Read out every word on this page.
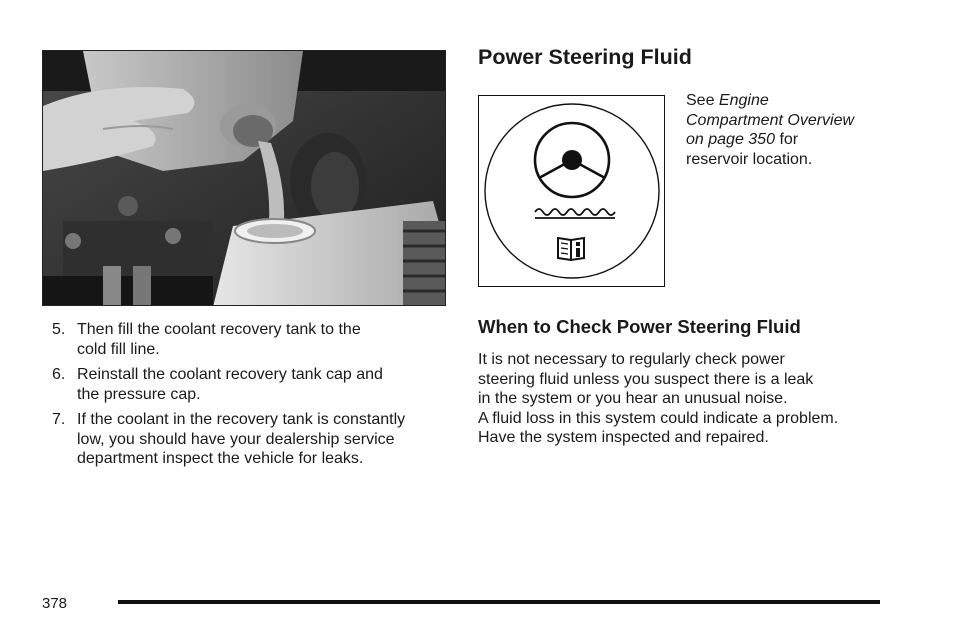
5. Then fill the coolant recovery tank to the
cold fill line.
6. Reinstall the coolant recovery tank cap and
the pressure cap.
7. If the coolant in the recovery tank is constantly
low, you should have your dealership service
department inspect the vehicle for leaks.
Power Steering Fluid
See Engine
Compartment Overview
on page 350 for
reservoir location.
When to Check Power Steering Fluid

It is not necessary to regularly check power
steering fluid unless you suspect there is a leak
in the system or you hear an unusual noise.
A fluid loss in this system could indicate a problem.
Have the system inspected and repaired.

378
